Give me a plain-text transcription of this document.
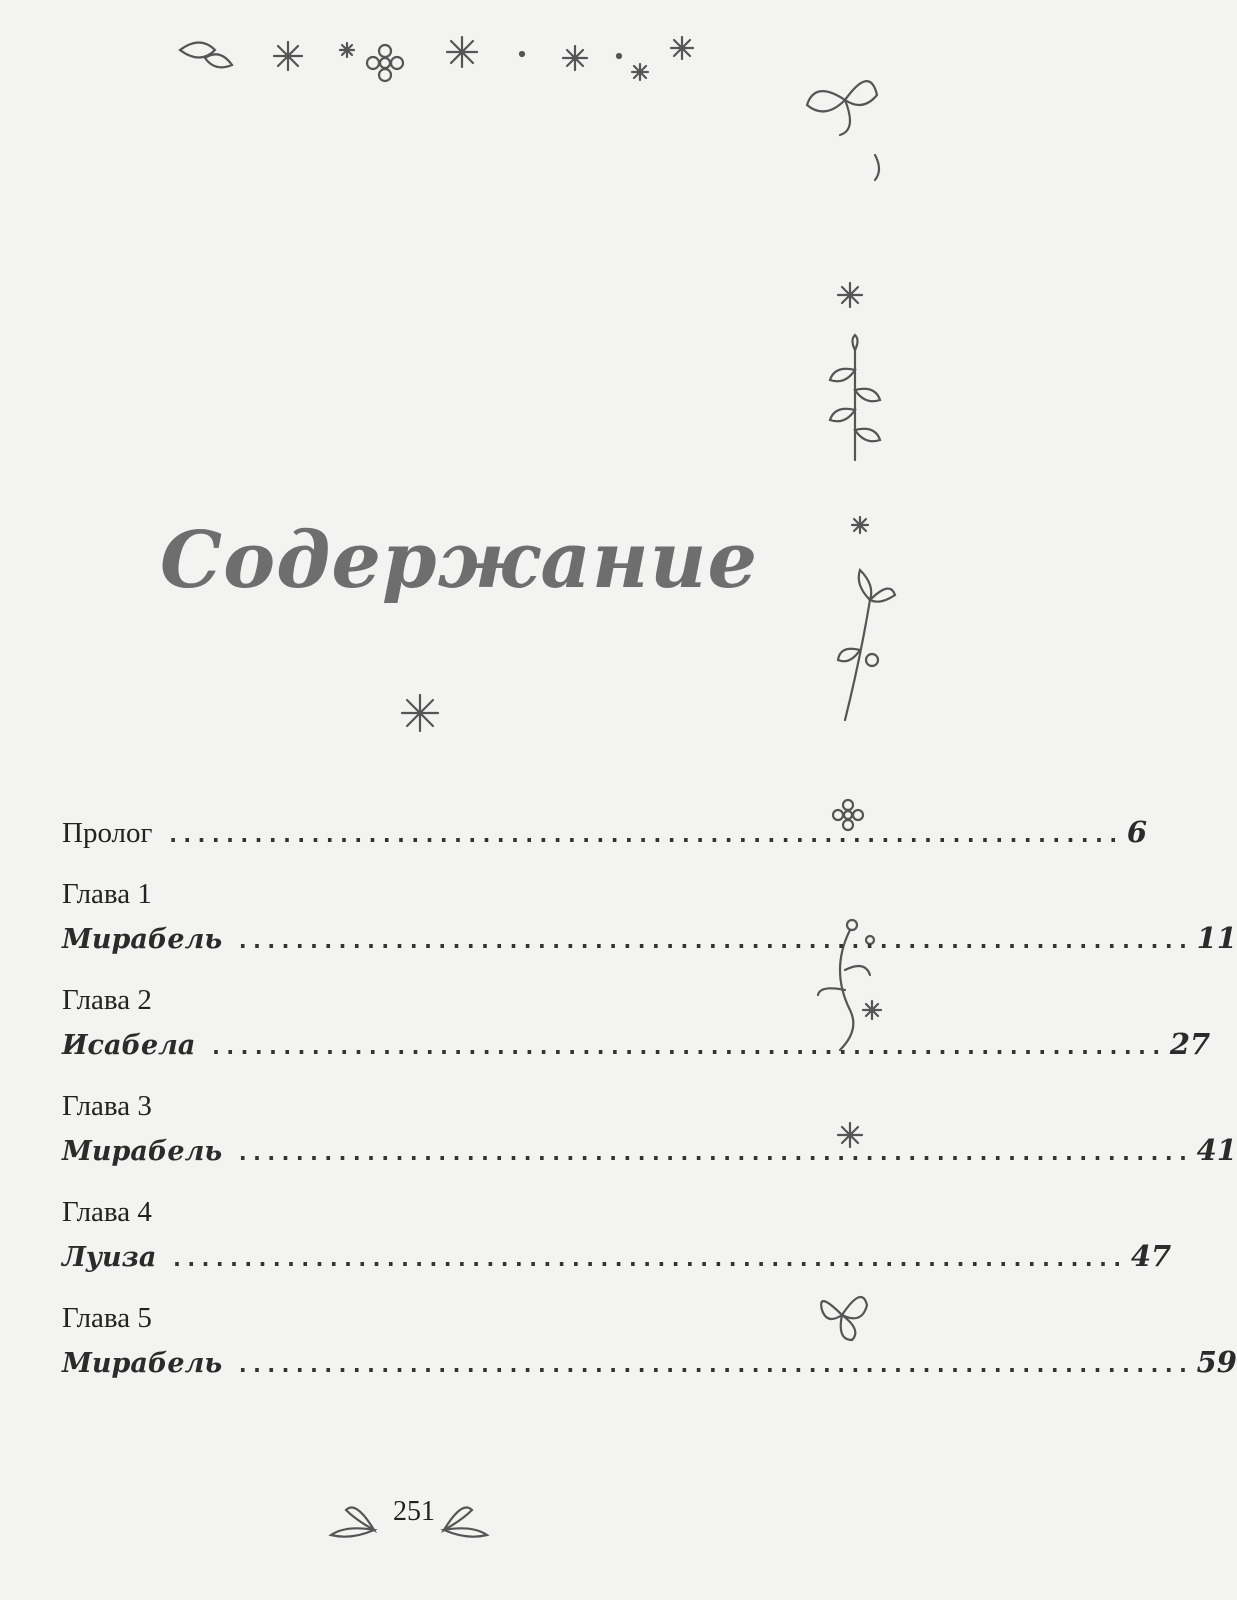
Содержание
Пролог ................................................................... 6
Глава 1
Мирабель ................................................................... 11
Глава 2
Исабела ................................................................... 27
Глава 3
Мирабель ................................................................... 41
Глава 4
Луиза ................................................................... 47
Глава 5
Мирабель ................................................................... 59
251
